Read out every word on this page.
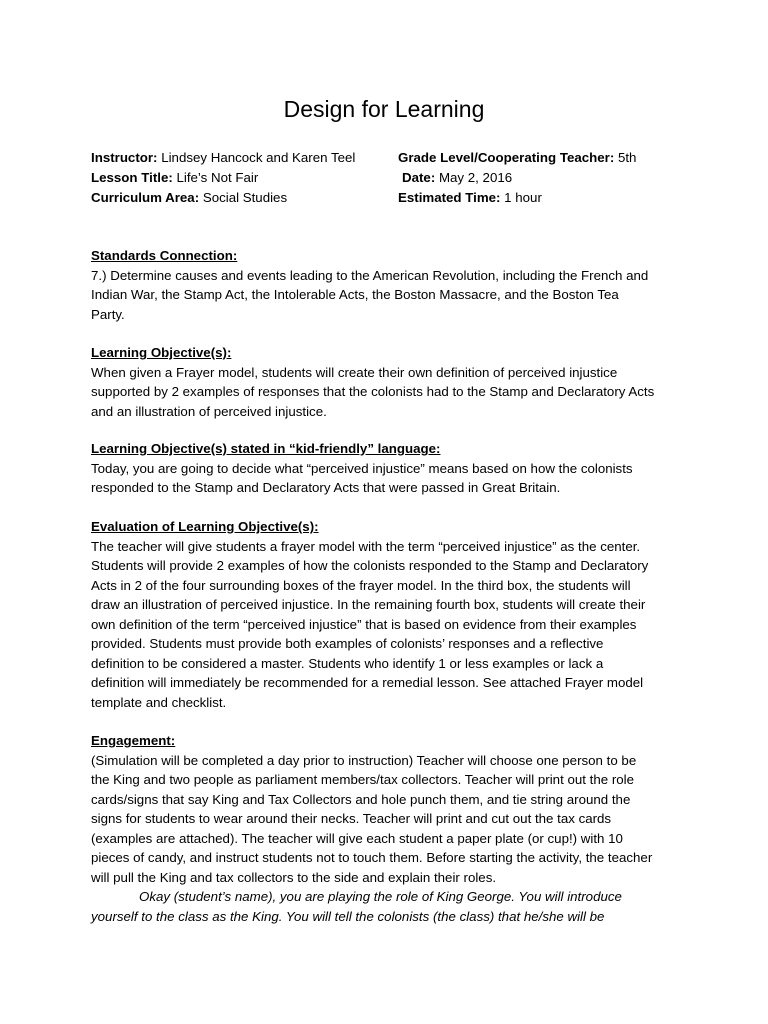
Design for Learning
Instructor: Lindsey Hancock and Karen Teel
Lesson Title: Life’s Not Fair
Curriculum Area: Social Studies
Grade Level/Cooperating Teacher: 5th
Date: May 2, 2016
Estimated Time: 1 hour
Standards Connection:
7.) Determine causes and events leading to the American Revolution, including the French and
Indian War, the Stamp Act, the Intolerable Acts, the Boston Massacre, and the Boston Tea
Party.
Learning Objective(s):
When given a Frayer model, students will create their own definition of perceived injustice
supported by 2 examples of responses that the colonists had to the Stamp and Declaratory Acts
and an illustration of perceived injustice.
Learning Objective(s) stated in “kid-friendly” language:
Today, you are going to decide what “perceived injustice” means based on how the colonists
responded to the Stamp and Declaratory Acts that were passed in Great Britain.
Evaluation of Learning Objective(s):
The teacher will give students a frayer model with the term “perceived injustice” as the center.
Students will provide 2 examples of how the colonists responded to the Stamp and Declaratory
Acts in 2 of the four surrounding boxes of the frayer model. In the third box, the students will
draw an illustration of perceived injustice. In the remaining fourth box, students will create their
own definition of the term “perceived injustice” that is based on evidence from their examples
provided. Students must provide both examples of colonists’ responses and a reflective
definition to be considered a master. Students who identify 1 or less examples or lack a
definition will immediately be recommended for a remedial lesson. See attached Frayer model
template and checklist.
Engagement:
(Simulation will be completed a day prior to instruction) Teacher will choose one person to be
the King and two people as parliament members/tax collectors. Teacher will print out the role
cards/signs that say King and Tax Collectors and hole punch them, and tie string around the
signs for students to wear around their necks. Teacher will print and cut out the tax cards
(examples are attached). The teacher will give each student a paper plate (or cup!) with 10
pieces of candy, and instruct students not to touch them. Before starting the activity, the teacher
will pull the King and tax collectors to the side and explain their roles.
Okay (student’s name), you are playing the role of King George. You will introduce
yourself to the class as the King. You will tell the colonists (the class) that he/she will be
